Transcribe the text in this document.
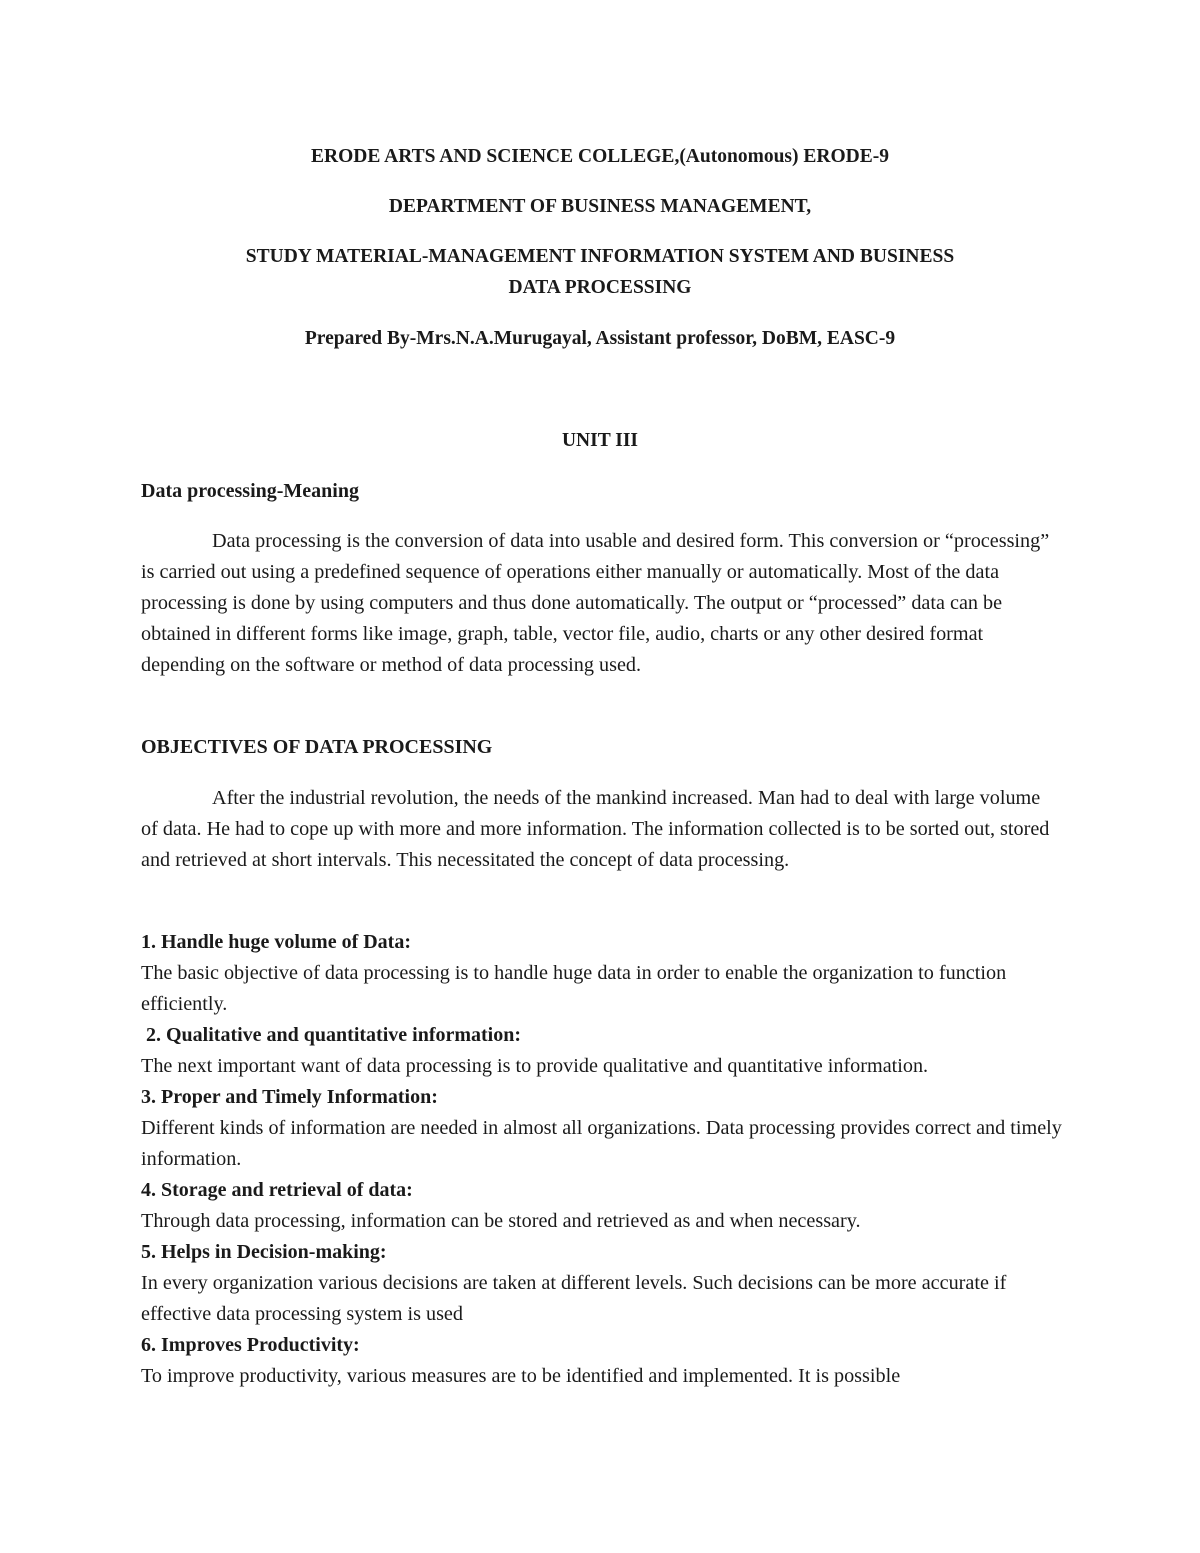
ERODE ARTS AND SCIENCE COLLEGE,(Autonomous) ERODE-9

DEPARTMENT OF BUSINESS MANAGEMENT,

STUDY MATERIAL-MANAGEMENT INFORMATION SYSTEM AND BUSINESS

DATA PROCESSING

Prepared By-Mrs.N.A.Murugayal, Assistant professor, DoBM, EASC-9

UNIT III

Data processing-Meaning

Data processing is the conversion of data into usable and desired form. This conversion or “processing” is carried out using a predefined sequence of operations either manually or automatically. Most of the data processing is done by using computers and thus done automatically. The output or “processed” data can be obtained in different forms like image, graph, table, vector file, audio, charts or any other desired format depending on the software or method of data processing used.

OBJECTIVES OF DATA PROCESSING

After the industrial revolution, the needs of the mankind increased. Man had to deal with large volume of data. He had to cope up with more and more information. The information collected is to be sorted out, stored and retrieved at short intervals. This necessitated the concept of data processing.

1. Handle huge volume of Data:

The basic objective of data processing is to handle huge data in order to enable the organization to function efficiently.

2. Qualitative and quantitative information:

The next important want of data processing is to provide qualitative and quantitative information.

3. Proper and Timely Information:

Different kinds of information are needed in almost all organizations. Data processing provides correct and timely information.

4. Storage and retrieval of data:

Through data processing, information can be stored and retrieved as and when necessary.

5. Helps in Decision-making:

In every organization various decisions are taken at different levels. Such decisions can be more accurate if effective data processing system is used

6. Improves Productivity:

To improve productivity, various measures are to be identified and implemented. It is possible
